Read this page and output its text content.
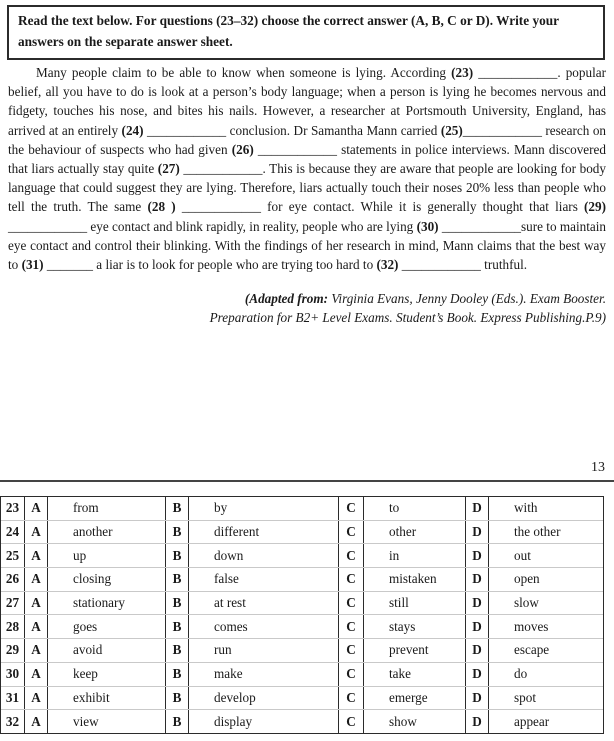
Read the text below. For questions (23–32) choose the correct answer (A, B, C or D). Write your answers on the separate answer sheet.

Many people claim to be able to know when someone is lying. According (23) ____________. popular belief, all you have to do is look at a person’s body language; when a person is lying he becomes nervous and fidgety, touches his nose, and bites his nails. However, a researcher at Portsmouth University, England, has arrived at an entirely (24) ____________ conclusion. Dr Samantha Mann carried (25)____________ research on the behaviour of suspects who had given (26) ____________ statements in police interviews. Mann discovered that liars actually stay quite (27) ____________. This is because they are aware that people are looking for body language that could suggest they are lying. Therefore, liars actually touch their noses 20% less than people who tell the truth. The same (28 ) ____________ for eye contact. While it is generally thought that liars (29) ____________ eye contact and blink rapidly, in reality, people who are lying (30) ____________sure to maintain eye contact and control their blinking. With the findings of her research in mind, Mann claims that the best way to (31) _______ a liar is to look for people who are trying too hard to (32) ____________ truthful.
(Adapted from: Virginia Evans, Jenny Dooley (Eds.). Exam Booster.
Preparation for B2+ Level Exams. Student’s Book. Express Publishing.P.9)
13
23 A	from	B	by	C	to	D	with
24 A	another	B	different	C	other	D	the other
25 A	up	B	down	C	in	D	out
26 A	closing	B	false	C	mistaken	D	open
27 A	stationary	B	at rest	C	still	D	slow
28 A	goes	B	comes	C	stays	D	moves
29 A	avoid	B	run	C	prevent	D	escape
30 A	keep	B	make	C	take	D	do
31 A	exhibit	B	develop	C	emerge	D	spot
32 A	view	B	display	C	show	D	appear
